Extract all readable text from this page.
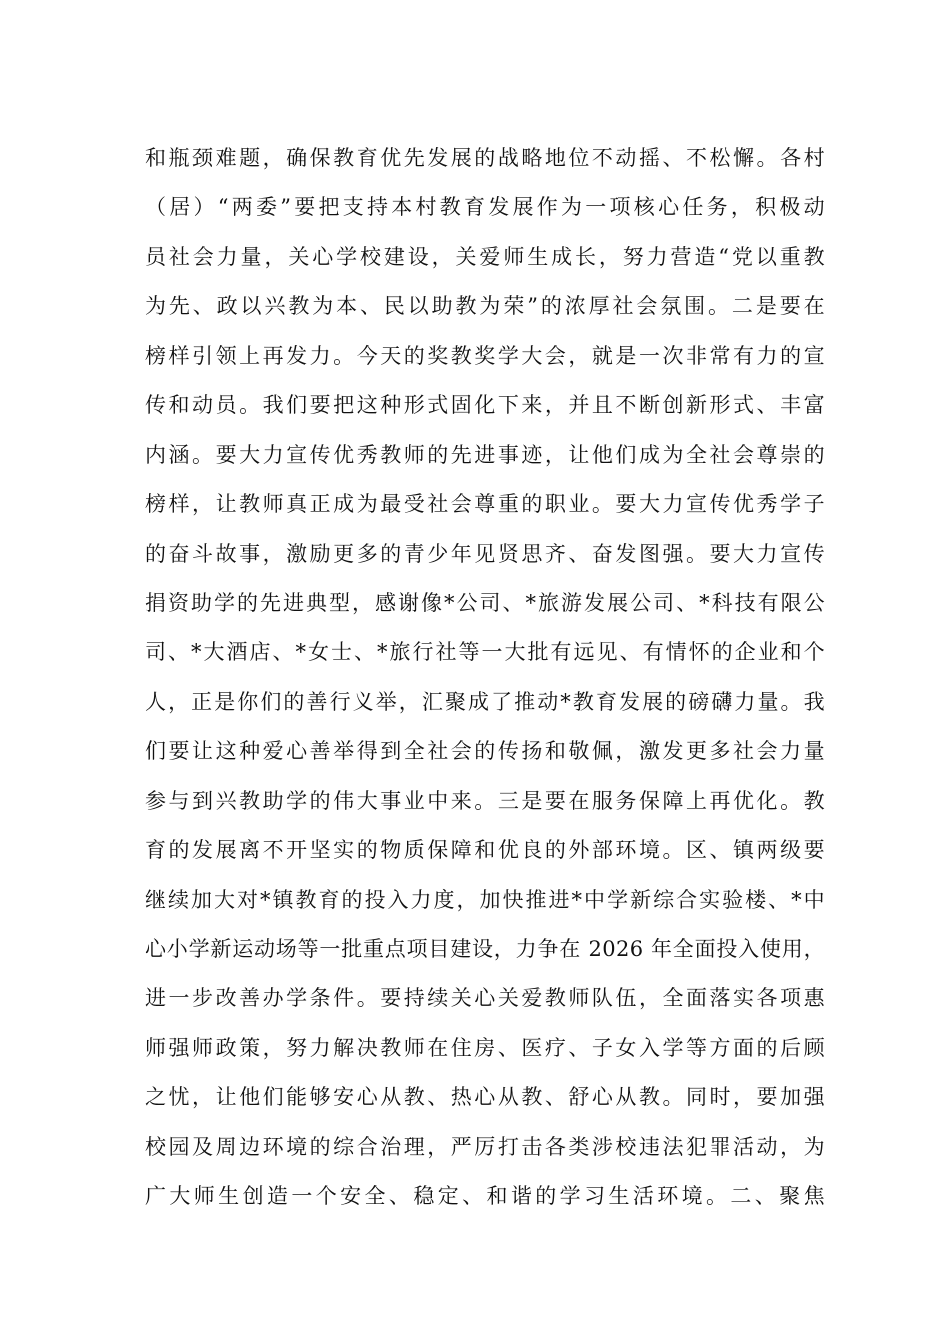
和瓶颈难题，确保教育优先发展的战略地位不动摇、不松懈。各村
（居）“两委”要把支持本村教育发展作为一项核心任务，积极动
员社会力量，关心学校建设，关爱师生成长，努力营造“党以重教
为先、政以兴教为本、民以助教为荣”的浓厚社会氛围。二是要在
榜样引领上再发力。今天的奖教奖学大会，就是一次非常有力的宣
传和动员。我们要把这种形式固化下来，并且不断创新形式、丰富
内涵。要大力宣传优秀教师的先进事迹，让他们成为全社会尊崇的
榜样，让教师真正成为最受社会尊重的职业。要大力宣传优秀学子
的奋斗故事，激励更多的青少年见贤思齐、奋发图强。要大力宣传
捐资助学的先进典型，感谢像*公司、*旅游发展公司、*科技有限公
司、*大酒店、*女士、*旅行社等一大批有远见、有情怀的企业和个
人，正是你们的善行义举，汇聚成了推动*教育发展的磅礴力量。我
们要让这种爱心善举得到全社会的传扬和敬佩，激发更多社会力量
参与到兴教助学的伟大事业中来。三是要在服务保障上再优化。教
育的发展离不开坚实的物质保障和优良的外部环境。区、镇两级要
继续加大对*镇教育的投入力度，加快推进*中学新综合实验楼、*中
心小学新运动场等一批重点项目建设，力争在 2026 年全面投入使用，
进一步改善办学条件。要持续关心关爱教师队伍，全面落实各项惠
师强师政策，努力解决教师在住房、医疗、子女入学等方面的后顾
之忧，让他们能够安心从教、热心从教、舒心从教。同时，要加强
校园及周边环境的综合治理，严厉打击各类涉校违法犯罪活动，为
广大师生创造一个安全、稳定、和谐的学习生活环境。二、聚焦
